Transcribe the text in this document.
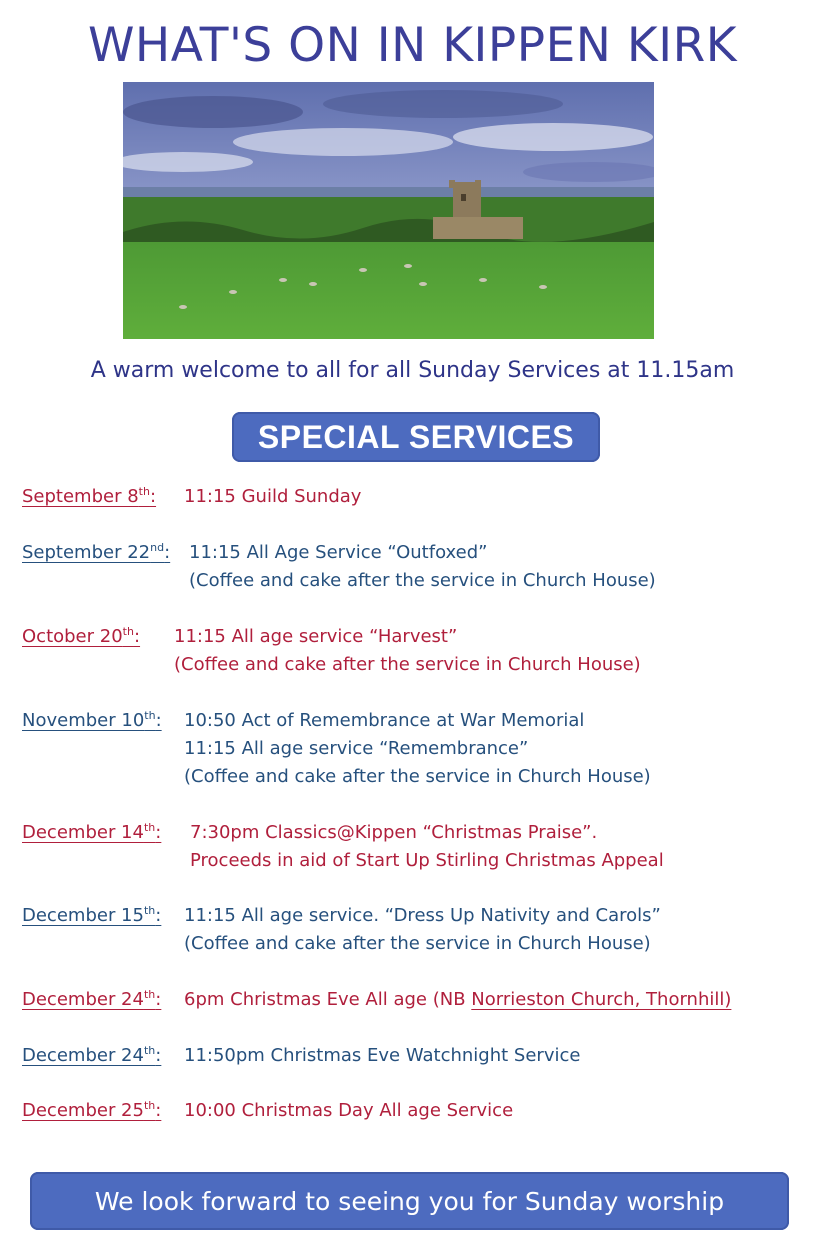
WHAT'S ON IN KIPPEN KIRK
A warm welcome to all for all Sunday Services at 11.15am
SPECIAL SERVICES
September 8th: 11:15 Guild Sunday
September 22nd: 11:15 All Age Service “Outfoxed”
(Coffee and cake after the service in Church House)
October 20th: 11:15 All age service “Harvest”
(Coffee and cake after the service in Church House)
November 10th: 10:50 Act of Remembrance at War Memorial
11:15 All age service “Remembrance”
(Coffee and cake after the service in Church House)
December 14th: 7:30pm Classics@Kippen “Christmas Praise”.
Proceeds in aid of Start Up Stirling Christmas Appeal
December 15th: 11:15 All age service. “Dress Up Nativity and Carols”
(Coffee and cake after the service in Church House)
December 24th: 6pm Christmas Eve All age (NB Norrieston Church, Thornhill)
December 24th: 11:50pm Christmas Eve Watchnight Service
December 25th: 10:00 Christmas Day All age Service
We look forward to seeing you for Sunday worship
